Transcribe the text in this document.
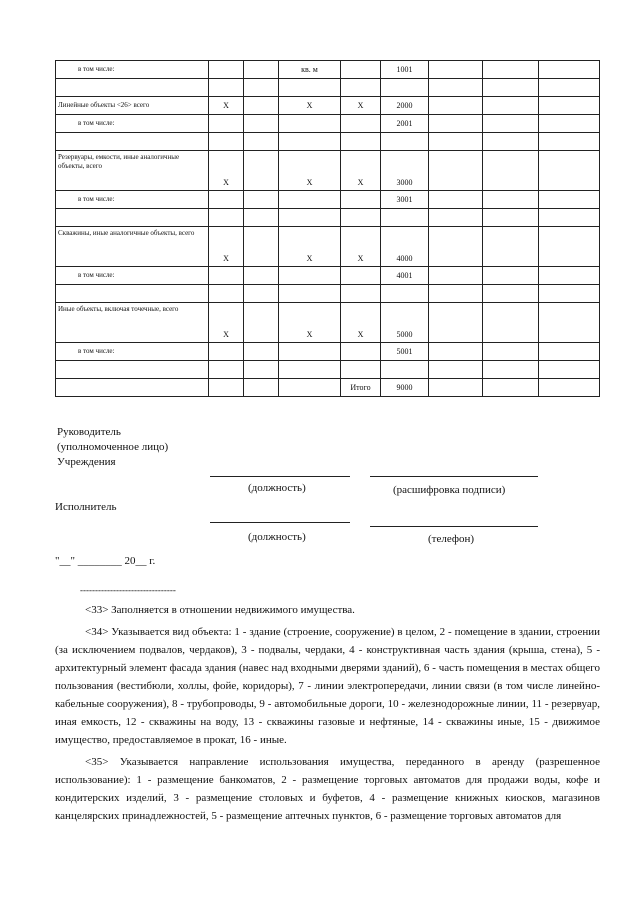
в том числе:			кв. м		1001			

Линейные объекты <26> всего	X		X	X	2000			
в том числе:					2001			

Резервуары, емкости, иные аналогичные объекты, всего	X		X	X	3000			
в том числе:					3001			

Скважины, иные аналогичные объекты, всего	X		X	X	4000			
в том числе:					4001			

Иные объекты, включая точечные, всего	X		X	X	5000			
в том числе:					5001			

				Итого	9000			
Руководитель
(уполномоченное лицо)
Учреждения
(должность)	(расшифровка подписи)
Исполнитель
(должность)	(телефон)
"__" ________ 20__ г.
--------------------------------

<33> Заполняется в отношении недвижимого имущества.

<34> Указывается вид объекта: 1 - здание (строение, сооружение) в целом, 2 - помещение в здании, строении (за исключением подвалов, чердаков), 3 - подвалы, чердаки, 4 - конструктивная часть здания (крыша, стена), 5 - архитектурный элемент фасада здания (навес над входными дверями зданий), 6 - часть помещения в местах общего пользования (вестибюли, холлы, фойе, коридоры), 7 - линии электропередачи, линии связи (в том числе линейно-кабельные сооружения), 8 - трубопроводы, 9 - автомобильные дороги, 10 - железнодорожные линии, 11 - резервуар, иная емкость, 12 - скважины на воду, 13 - скважины газовые и нефтяные, 14 - скважины иные, 15 - движимое имущество, предоставляемое в прокат, 16 - иные.

<35> Указывается направление использования имущества, переданного в аренду (разрешенное использование): 1 - размещение банкоматов, 2 - размещение торговых автоматов для продажи воды, кофе и кондитерских изделий, 3 - размещение столовых и буфетов, 4 - размещение книжных киосков, магазинов канцелярских принадлежностей, 5 - размещение аптечных пунктов, 6 - размещение торговых автоматов для
